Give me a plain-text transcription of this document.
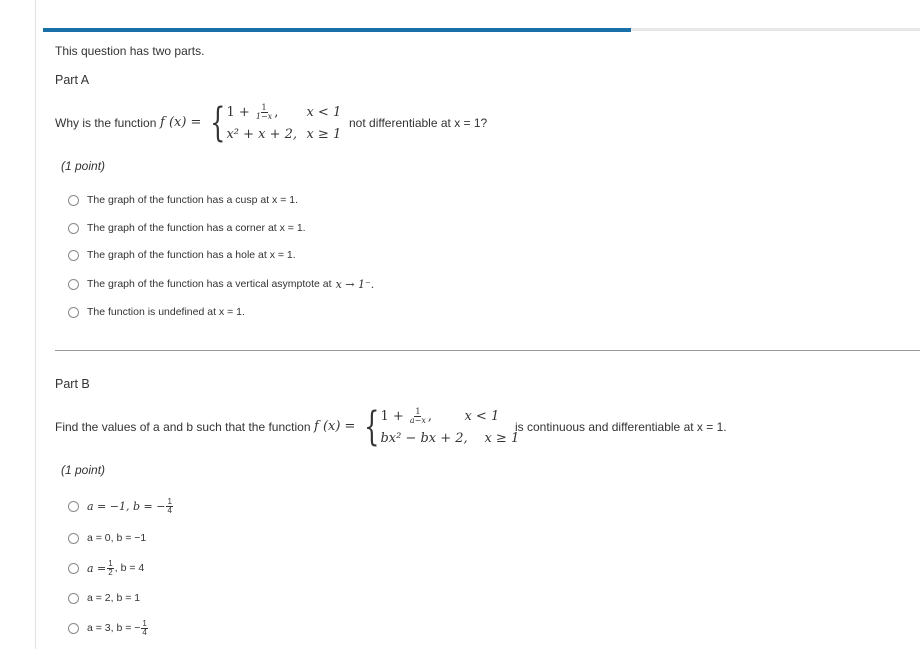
This question has two parts.
Part A
Why is the function f (x) = { $1 + \frac{1}{1-x}$ ,	x < 1
x² + x + 2, x ≥ 1
not differentiable at x = 1?
(1 point)
The graph of the function has a cusp at x = 1.
The graph of the function has a corner at x = 1.
The graph of the function has a hole at x = 1.
The graph of the function has a vertical asymptote at x → 1⁻.
The function is undefined at x = 1.
Part B
Find the values of a and b such that the function f (x) = { $1 + \frac{1}{a-x}$ ,	x < 1
bx² − bx + 2,	x ≥ 1
is continuous and differentiable at x = 1.
(1 point)
a = −1, b = − $\frac{1}{4}$
a = 0, b = −1
$a = \frac{1}{2}$ , b = 4
a = 2, b = 1
a = 3, b = − $\frac{1}{4}$
